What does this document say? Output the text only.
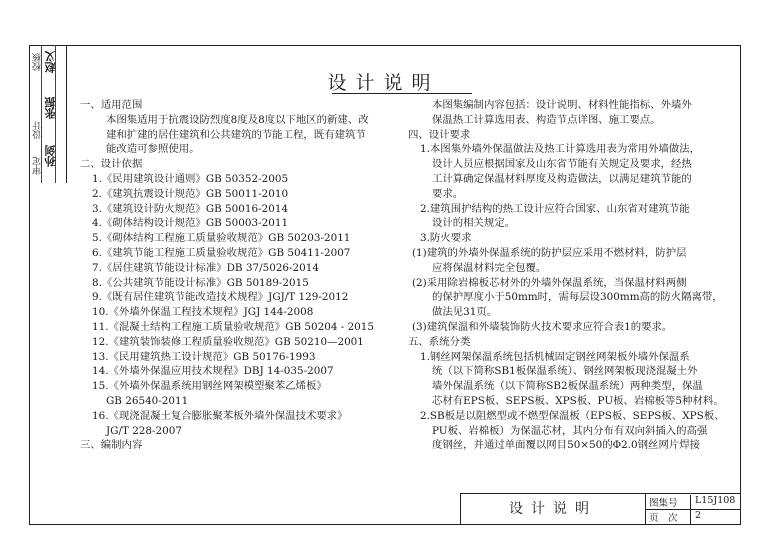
审定
设计
校核
孙剑
张振
赵义
设计说明

一、适用范围

本图集适用于抗震设防烈度8度及8度以下地区的新建、改

建和扩建的居住建筑和公共建筑的节能工程，既有建筑节

能改造可参照使用。

二、设计依据

1.《民用建筑设计通则》GB 50352-2005

2.《建筑抗震设计规范》GB 50011-2010

3.《建筑设计防火规范》GB 50016-2014

4.《砌体结构设计规范》GB 50003-2011

5.《砌体结构工程施工质量验收规范》GB 50203-2011

6.《建筑节能工程施工质量验收规范》GB 50411-2007

7.《居住建筑节能设计标准》DB 37/5026-2014

8.《公共建筑节能设计标准》GB 50189-2015

9.《既有居住建筑节能改造技术规程》JGJ/T 129-2012

10.《外墙外保温工程技术规程》JGJ 144-2008

11.《混凝土结构工程施工质量验收规范》GB 50204 - 2015

12.《建筑装饰装修工程质量验收规范》GB 50210—2001

13.《民用建筑热工设计规范》GB 50176-1993

14.《外墙外保温应用技术规程》DBJ 14-035-2007

15.《外墙外保温系统用钢丝网架模塑聚苯乙烯板》

GB 26540-2011

16.《现浇混凝土复合膨胀聚苯板外墙外保温技术要求》

JG/T 228-2007

三、编制内容

本图集编制内容包括：设计说明、材料性能指标、外墙外

保温热工计算选用表、构造节点详图、施工要点。

四、设计要求

1.本图集外墙外保温做法及热工计算选用表为常用外墙做法，

设计人员应根据国家及山东省节能有关规定及要求，经热

工计算确定保温材料厚度及构造做法，以满足建筑节能的

要求。

2.建筑围护结构的热工设计应符合国家、山东省对建筑节能

设计的相关规定。

3.防火要求

(1)建筑的外墙外保温系统的防护层应采用不燃材料，防护层

应将保温材料完全包覆。

(2)采用除岩棉板芯材外的外墙外保温系统，当保温材料两侧

的保护厚度小于50mm时，需每层设300mm高的防火隔离带，

做法见31页。

(3)建筑保温和外墙装饰防火技术要求应符合表1的要求。

五、系统分类

1.钢丝网架保温系统包括机械固定钢丝网架板外墙外保温系

统（以下简称SB1板保温系统）、钢丝网架板现浇混凝土外

墙外保温系统（以下简称SB2板保温系统）两种类型，保温

芯材有EPS板、SEPS板、XPS板、PU板、岩棉板等5种材料。

2.SB板是以阻燃型或不燃型保温板（EPS板、SEPS板、XPS板、

PU板、岩棉板）为保温芯材，其内分布有双向斜插入的高强

度钢丝，并通过单面覆以网目50×50的Φ2.0钢丝网片焊接

设计说明	图集号	L15J108
页　次	2
